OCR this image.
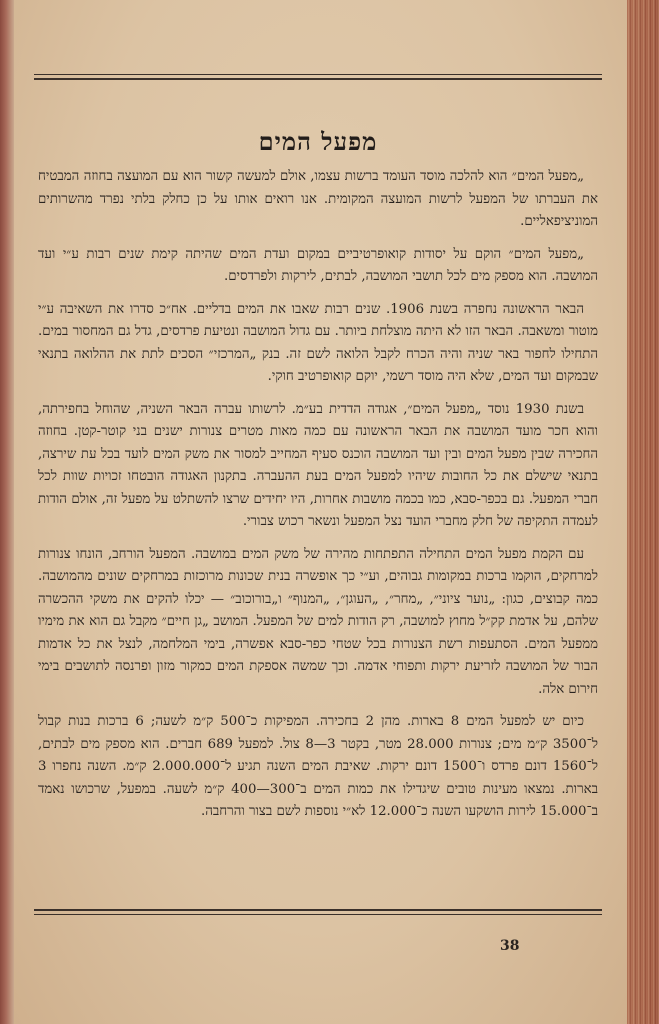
מפעל המים

„מפעל המים״ הוא להלכה מוסד העומד ברשות עצמו, אולם למעשה קשור הוא עם המועצה בחוזה המבטיח את העברתו של המפעל לרשות המועצה המקומית. אנו רואים אותו על כן כחלק בלתי נפרד מהשרותים המוניציפאליים.

„מפעל המים״ הוקם על יסודות קואופרטיביים במקום ועדת המים שהיתה קימת שנים רבות ע״י ועד המושבה. הוא מספק מים לכל תושבי המושבה, לבתים, לירקות ולפרדסים.

הבאר הראשונה נחפרה בשנת 1906. שנים רבות שאבו את המים בדליים. אח״כ סדרו את השאיבה ע״י מוטור ומשאבה. הבאר הזו לא היתה מוצלחת ביותר. עם גדול המושבה ונטיעת פרדסים, גדל גם המחסור במים. התחילו לחפור באר שניה והיה הכרח לקבל הלואה לשם זה. בנק „המרכזי״ הסכים לתת את ההלואה בתנאי שבמקום ועד המים, שלא היה מוסד רשמי, יוקם קואופרטיב חוקי.

בשנת 1930 נוסד „מפעל המים״, אגודה הדדית בע״מ. לרשותו עברה הבאר השניה, שהוחל בחפירתה, והוא חכר מועד המושבה את הבאר הראשונה עם כמה מאות מטרים צנורות ישנים בני קוטר-קטן. בחוזה החכירה שבין מפעל המים ובין ועד המושבה הוכנס סעיף המחייב למסור את משק המים לועד בכל עת שירצה, בתנאי שישלם את כל החובות שיהיו למפעל המים בעת ההעברה. בתקנון האגודה הובטחו זכויות שוות לכל חברי המפעל. גם בכפר-סבא, כמו בכמה מושבות אחרות, היו יחידים שרצו להשתלט על מפעל זה, אולם הודות לעמדה התקיפה של חלק מחברי הועד נצל המפעל ונשאר רכוש צבורי.

עם הקמת מפעל המים התחילה התפתחות מהירה של משק המים במושבה. המפעל הורחב, הונחו צנורות למרחקים, הוקמו ברכות במקומות גבוהים, וע״י כך אופשרה בנית שכונות מרוכזות במרחקים שונים מהמושבה. כמה קבוצים, כגון: „נוער ציוני״, „מחר״, „העוגן״, „המנוף״ ו„בורוכוב״ — יכלו להקים את משקי ההכשרה שלהם, על אדמת קק״ל מחוץ למושבה, רק הודות למים של המפעל. המושב „גן חיים״ מקבל גם הוא את מימיו ממפעל המים. הסתעפות רשת הצנורות בכל שטחי כפר-סבא אפשרה, בימי המלחמה, לנצל את כל אדמות הבור של המושבה לזריעת ירקות ותפוחי אדמה. וכך שמשה אספקת המים כמקור מזון ופרנסה לתושבים בימי חירום אלה.

כיום יש למפעל המים 8 בארות. מהן 2 בחכירה. המפיקות כ־500 ק״מ לשעה; 6 ברכות בנות קבול ל־3500 ק״מ מים; צנורות 28.000 מטר, בקטר 3—8 צול. למפעל 689 חברים. הוא מספק מים לבתים, ל־1560 דונם פרדס ו־1500 דונם ירקות. שאיבת המים השנה תגיע ל־2.000.000 ק״מ. השנה נחפרו 3 בארות. נמצאו מעינות טובים שיגדילו את כמות המים ב־300—400 ק״מ לשעה. במפעל, שרכושו נאמד ב־15.000 לירות הושקעו השנה כ־12.000 לא״י נוספות לשם בצור והרחבה.

38
